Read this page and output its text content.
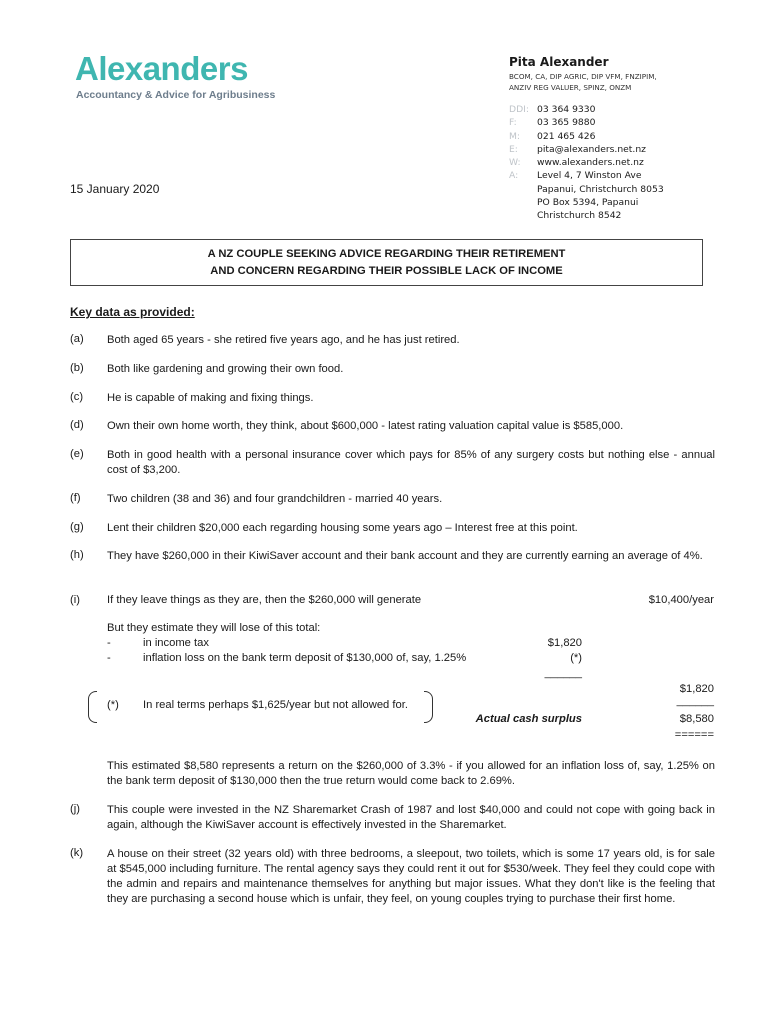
Alexanders
Accountancy & Advice for Agribusiness
Pita Alexander
BCOM, CA, DIP AGRIC, DIP VFM, FNZIPIM,
ANZIV REG VALUER, SPINZ, ONZM
DDI: 03 364 9330
F:	03 365 9880
M:	021 465 426
E:	pita@alexanders.net.nz
W:	www.alexanders.net.nz
A:	Level 4, 7 Winston Ave
Papanui, Christchurch 8053
PO Box 5394, Papanui
Christchurch 8542
15 January 2020
A NZ COUPLE SEEKING ADVICE REGARDING THEIR RETIREMENT
AND CONCERN REGARDING THEIR POSSIBLE LACK OF INCOME
Key data as provided:
(a) Both aged 65 years - she retired five years ago, and he has just retired.
(b) Both like gardening and growing their own food.
(c) He is capable of making and fixing things.
(d) Own their own home worth, they think, about $600,000 - latest rating valuation capital value is $585,000.
(e) Both in good health with a personal insurance cover which pays for 85% of any surgery costs but nothing else - annual cost of $3,200.
(f) Two children (38 and 36) and four grandchildren - married 40 years.
(g) Lent their children $20,000 each regarding housing some years ago – Interest free at this point.
(h) They have $260,000 in their KiwiSaver account and their bank account and they are currently earning an average of 4%.
(i) If they leave things as they are, then the $260,000 will generate	$10,400/year
But they estimate they will lose of this total:
-	in income tax	$1,820
-	inflation loss on the bank term deposit of $130,000 of, say, 1.25%	(*)
______
$1,820
______
(*) In real terms perhaps $1,625/year but not allowed for.
Actual cash surplus	$8,580
======
This estimated $8,580 represents a return on the $260,000 of 3.3% - if you allowed for an inflation loss of, say, 1.25% on the bank term deposit of $130,000 then the true return would come back to 2.69%.
(j) This couple were invested in the NZ Sharemarket Crash of 1987 and lost $40,000 and could not cope with going back in again, although the KiwiSaver account is effectively invested in the Sharemarket.
(k) A house on their street (32 years old) with three bedrooms, a sleepout, two toilets, which is some 17 years old, is for sale at $545,000 including furniture. The rental agency says they could rent it out for $530/week. They feel they could cope with the admin and repairs and maintenance themselves for anything but major issues. What they don't like is the feeling that they are purchasing a second house which is unfair, they feel, on young couples trying to purchase their first home.
